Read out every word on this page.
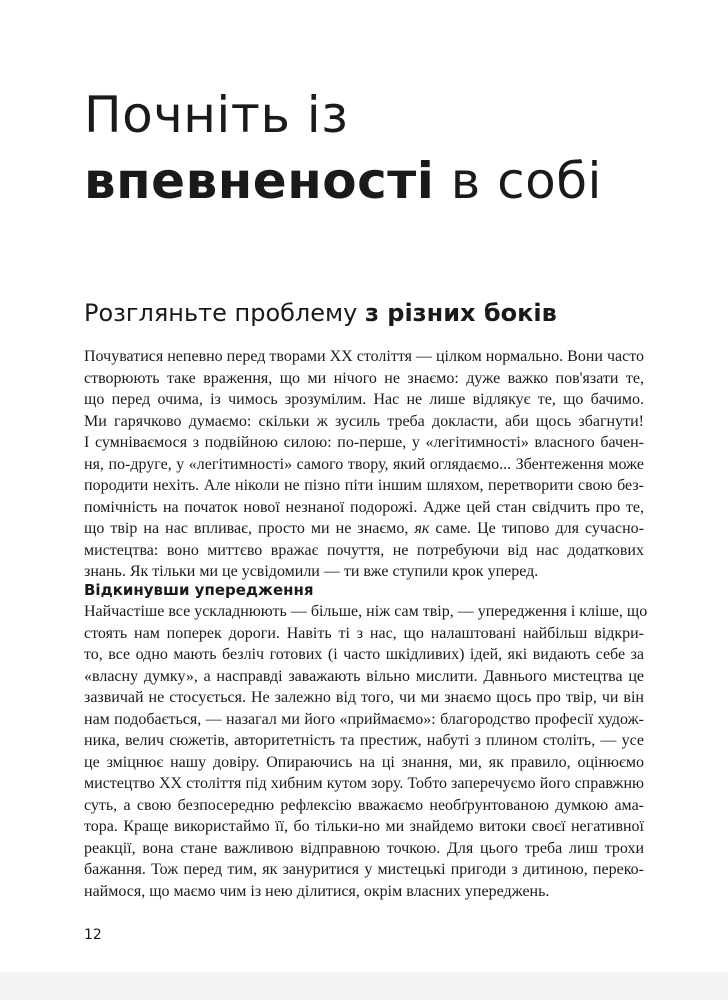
Почніть із
впевненості в собі
Розгляньте проблему з різних боків
Почуватися непевно перед творами XX століття — цілком нормально. Вони часто
створюють таке враження, що ми нічого не знаємо: дуже важко пов'язати те,
що перед очима, із чимось зрозумілим. Нас не лише відлякує те, що бачимо.
Ми гарячково думаємо: скільки ж зусиль треба докласти, аби щось збагнути!
І сумніваємося з подвійною силою: по-перше, у «легітимності» власного бачен-
ня, по-друге, у «легітимності» самого твору, який оглядаємо... Збентеження може
породити нехіть. Але ніколи не пізно піти іншим шляхом, перетворити свою без-
помічність на початок нової незнаної подорожі. Адже цей стан свідчить про те,
що твір на нас впливає, просто ми не знаємо, як саме. Це типово для сучасно-
мистецтва: воно миттєво вражає почуття, не потребуючи від нас додаткових
знань. Як тільки ми це усвідомили — ти вже ступили крок уперед.
Відкинувши упередження
Найчастіше все ускладнюють — більше, ніж сам твір, — упередження і кліше, що
стоять нам поперек дороги. Навіть ті з нас, що налаштовані найбільш відкри-
то, все одно мають безліч готових (і часто шкідливих) ідей, які видають себе за
«власну думку», а насправді заважають вільно мислити. Давнього мистецтва це
зазвичай не стосується. Не залежно від того, чи ми знаємо щось про твір, чи він
нам подобається, — назагал ми його «приймаємо»: благородство професії худож-
ника, велич сюжетів, авторитетність та престиж, набуті з плином століть, — усе
це зміцнює нашу довіру. Опираючись на ці знання, ми, як правило, оцінюємо
мистецтво XX століття під хибним кутом зору. Тобто заперечуємо його справжню
суть, а свою безпосередню рефлексію вважаємо необґрунтованою думкою ама-
тора. Краще використаймо її, бо тільки-но ми знайдемо витоки своєї негативної
реакції, вона стане важливою відправною точкою. Для цього треба лиш трохи
бажання. Тож перед тим, як зануритися у мистецькі пригоди з дитиною, переко-
наймося, що маємо чим із нею ділитися, окрім власних упереджень.
12
